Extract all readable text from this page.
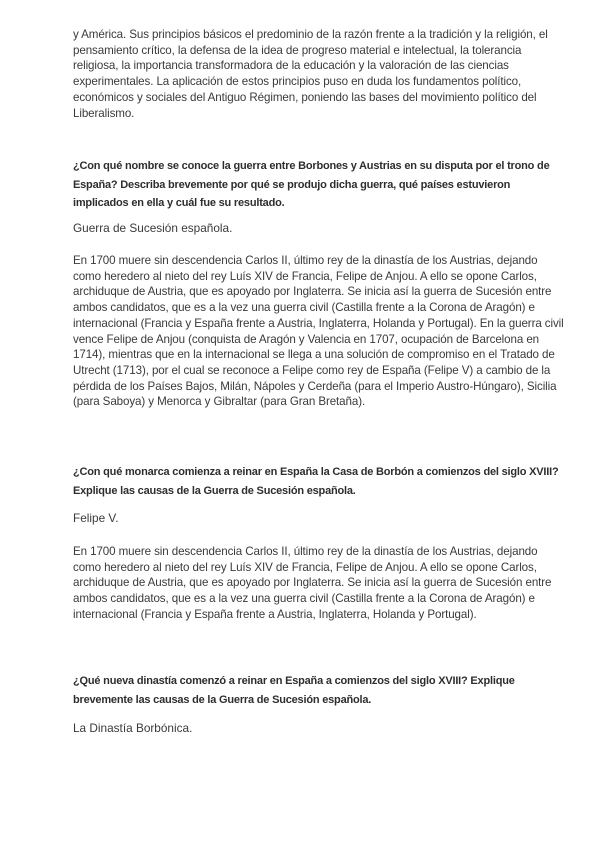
y América. Sus principios básicos el predominio de la razón frente a la tradición y la religión, el pensamiento crítico, la defensa de la idea de progreso material e intelectual, la tolerancia religiosa, la importancia transformadora de la educación y la valoración de las ciencias experimentales. La aplicación de estos principios puso en duda los fundamentos político, económicos y sociales del Antiguo Régimen, poniendo las bases del movimiento político del Liberalismo.

¿Con qué nombre se conoce la guerra entre Borbones y Austrias en su disputa por el trono de España? Describa brevemente por qué se produjo dicha guerra, qué países estuvieron implicados en ella y cuál fue su resultado.

Guerra de Sucesión española.

En 1700 muere sin descendencia Carlos II, último rey de la dinastía de los Austrias, dejando como heredero al nieto del rey Luís XIV de Francia, Felipe de Anjou. A ello se opone Carlos, archiduque de Austria, que es apoyado por Inglaterra. Se inicia así la guerra de Sucesión entre ambos candidatos, que es a la vez una guerra civil (Castilla frente a la Corona de Aragón) e internacional (Francia y España frente a Austria, Inglaterra, Holanda y Portugal). En la guerra civil vence Felipe de Anjou (conquista de Aragón y Valencia en 1707, ocupación de Barcelona en 1714), mientras que en la internacional se llega a una solución de compromiso en el Tratado de Utrecht (1713), por el cual se reconoce a Felipe como rey de España (Felipe V) a cambio de la pérdida de los Países Bajos, Milán, Nápoles y Cerdeña (para el Imperio Austro-Húngaro), Sicilia (para Saboya) y Menorca y Gibraltar (para Gran Bretaña).

¿Con qué monarca comienza a reinar en España la Casa de Borbón a comienzos del siglo XVIII? Explique las causas de la Guerra de Sucesión española.

Felipe V.

En 1700 muere sin descendencia Carlos II, último rey de la dinastía de los Austrias, dejando como heredero al nieto del rey Luís XIV de Francia, Felipe de Anjou. A ello se opone Carlos, archiduque de Austria, que es apoyado por Inglaterra. Se inicia así la guerra de Sucesión entre ambos candidatos, que es a la vez una guerra civil (Castilla frente a la Corona de Aragón) e internacional (Francia y España frente a Austria, Inglaterra, Holanda y Portugal).

¿Qué nueva dinastía comenzó a reinar en España a comienzos del siglo XVIII? Explique brevemente las causas de la Guerra de Sucesión española.

La Dinastía Borbónica.
